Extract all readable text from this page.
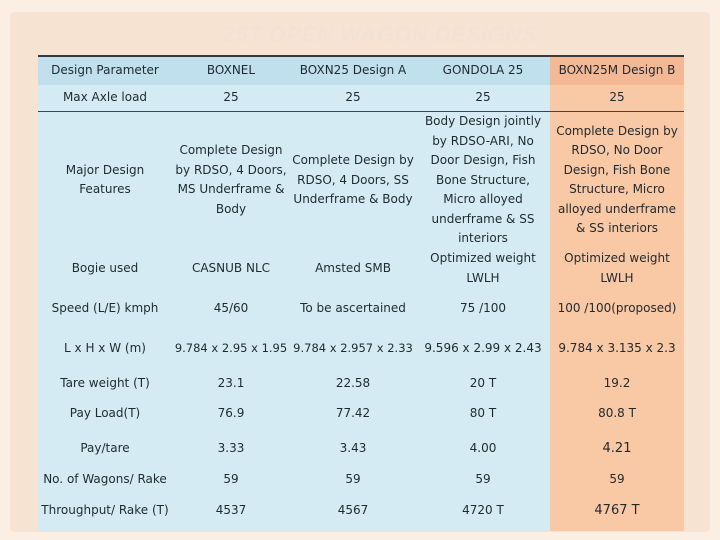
25T OPEN WAGON DESIGNS
Design Parameter	BOXNEL	BOXN25 Design A	GONDOLA 25	BOXN25M Design B
Max Axle load	25	25	25	25
Major Design Features	Complete Design by RDSO, 4 Doors, MS Underframe & Body	Complete Design by RDSO, 4 Doors, SS Underframe & Body	Body Design jointly by RDSO-ARI, No Door Design, Fish Bone Structure, Micro alloyed underframe & SS interiors	Complete Design by RDSO, No Door Design, Fish Bone Structure, Micro alloyed underframe & SS interiors
Bogie used	CASNUB NLC	Amsted SMB	Optimized weight LWLH	Optimized weight LWLH
Speed (L/E) kmph	45/60	To be ascertained	75 /100	100 /100(proposed)
L x H x W (m)	9.784 x 2.95 x 1.95	9.784 x 2.957 x 2.33	9.596 x 2.99 x 2.43	9.784 x 3.135 x 2.3
Tare weight (T)	23.1	22.58	20 T	19.2
Pay Load(T)	76.9	77.42	80 T	80.8 T
Pay/tare	3.33	3.43	4.00	4.21
No. of Wagons/ Rake	59	59	59	59
Throughput/ Rake (T)	4537	4567	4720 T	4767 T
